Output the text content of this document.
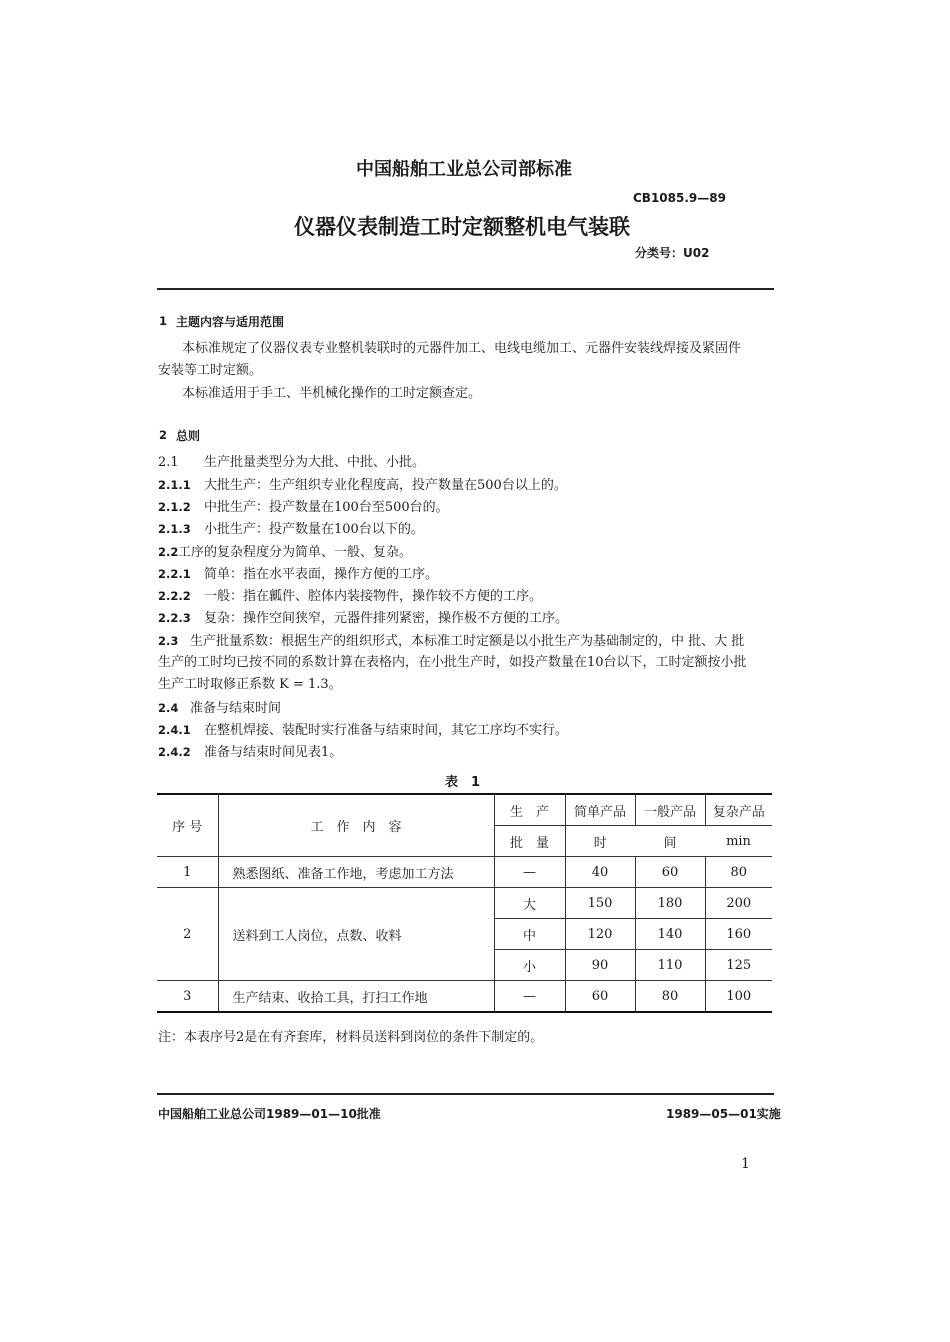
中国船舶工业总公司部标准
CB1085.9—89
仪器仪表制造工时定额整机电气装联
分类号：U02
1 主题内容与适用范围
本标准规定了仪器仪表专业整机装联时的元器件加工、电线电缆加工、元器件安装线焊接及紧固件
安装等工时定额。
本标准适用于手工、半机械化操作的工时定额查定。
2 总则
2.1 生产批量类型分为大批、中批、小批。
2.1.1 大批生产：生产组织专业化程度高，投产数量在500台以上的。
2.1.2 中批生产：投产数量在100台至500台的。
2.1.3 小批生产：投产数量在100台以下的。
2.2工序的复杂程度分为简单、一般、复杂。
2.2.1 简单：指在水平表面，操作方便的工序。
2.2.2 一般：指在瓤件、腔体内装接物件，操作较不方便的工序。
2.2.3 复杂：操作空间狭窄，元器件排列紧密，操作极不方便的工序。
2.3 生产批量系数：根据生产的组织形式，本标准工时定额是以小批生产为基础制定的，中 批、大 批
生产的工时均已按不同的系数计算在表格内，在小批生产时，如投产数量在10台以下，工时定额按小批
生产工时取修正系数 K = 1.3。
2.4 准备与结束时间
2.4.1 在整机焊接、装配时实行准备与结束时间，其它工序均不实行。
2.4.2 准备与结束时间见表1。
表　1
序 号	工　作　内　容	生　产	简单产品	一般产品	复杂产品
		批　量	时	间	min
1	熟悉图纸、准备工作地，考虑加工方法	—	40	60	80
2	送料到工人岗位，点数、收料	大	150	180	200
		中	120	140	160
		小	90	110	125
3	生产结束、收拾工具，打扫工作地	—	60	80	100
注：本表序号2是在有齐套库，材料员送料到岗位的条件下制定的。
中国船舶工业总公司1989—01—10批准	1989—05—01实施
1
